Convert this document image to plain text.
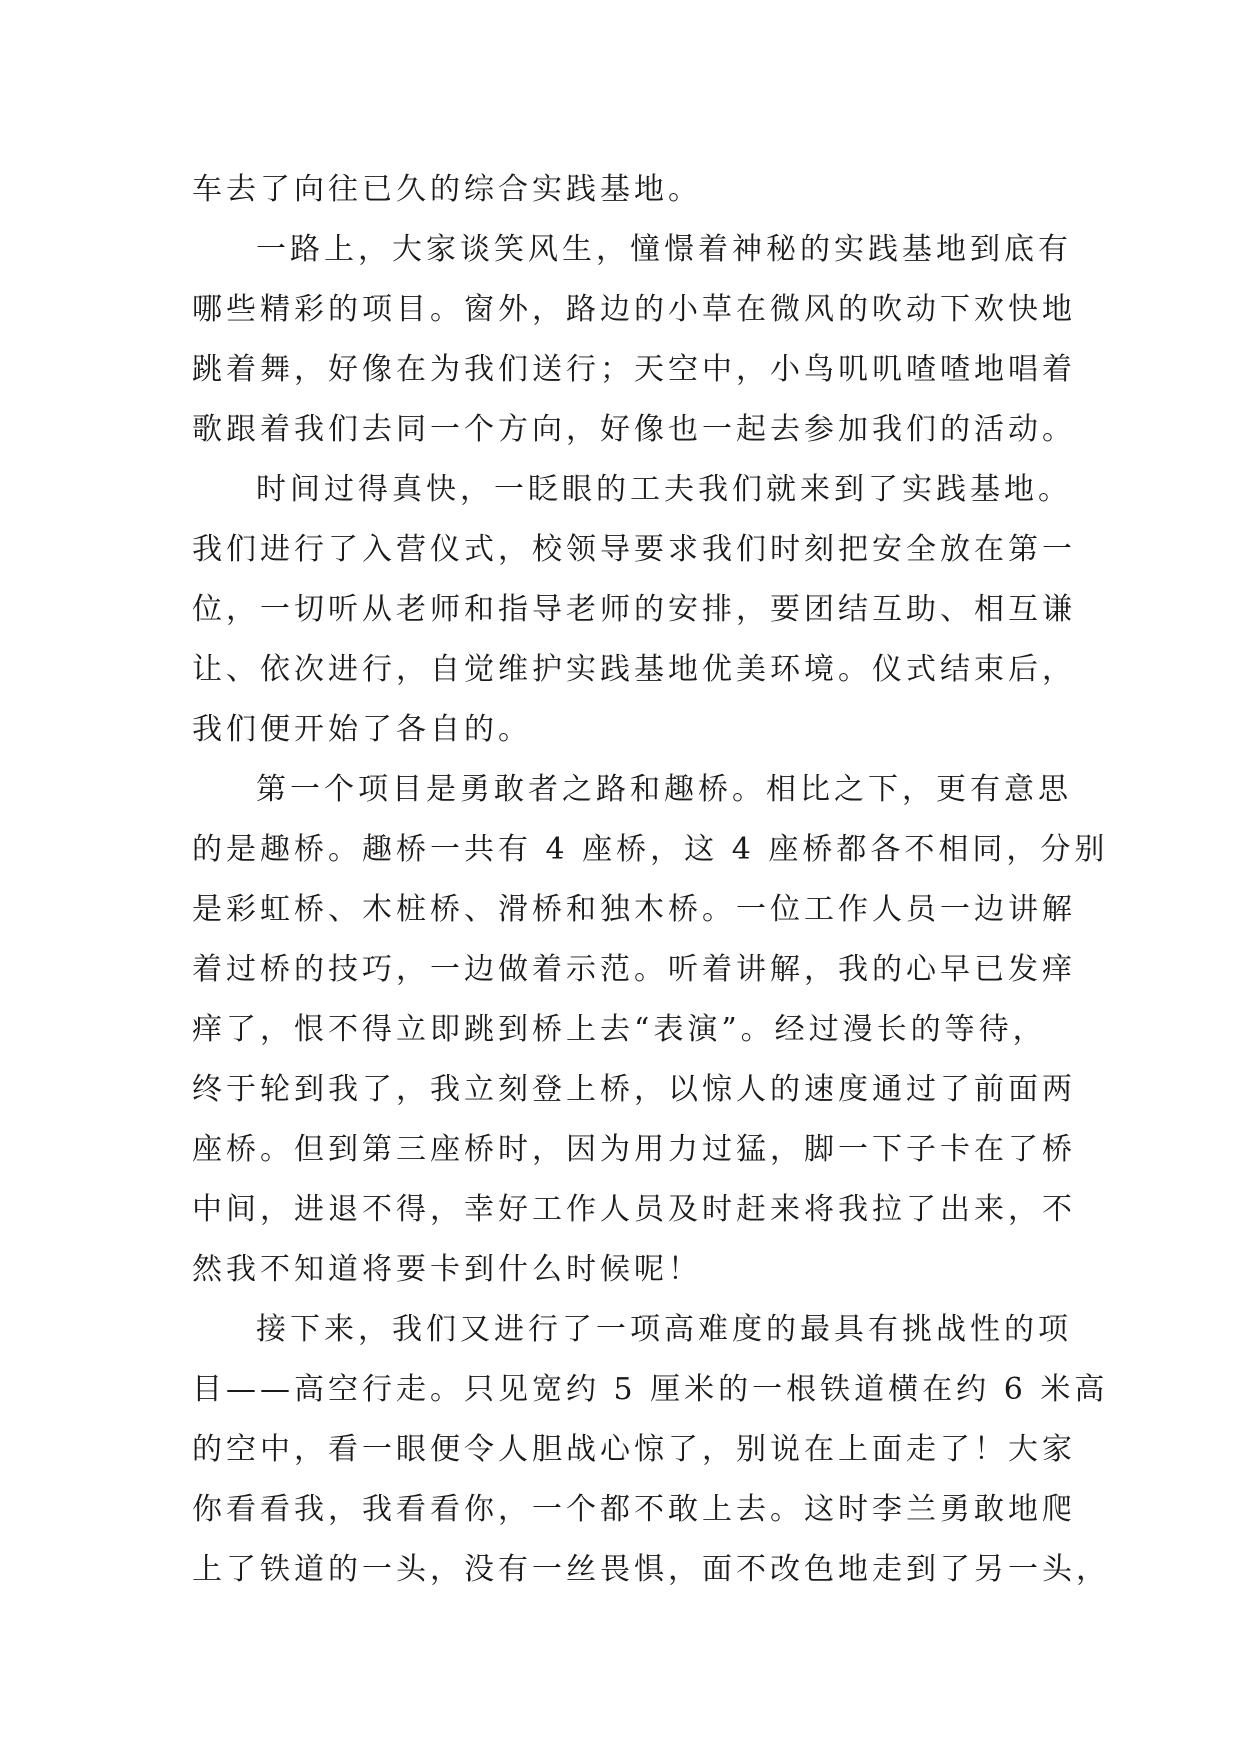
车去了向往已久的综合实践基地。
一路上，大家谈笑风生，憧憬着神秘的实践基地到底有
哪些精彩的项目。窗外，路边的小草在微风的吹动下欢快地
跳着舞，好像在为我们送行；天空中，小鸟叽叽喳喳地唱着
歌跟着我们去同一个方向，好像也一起去参加我们的活动。
时间过得真快，一眨眼的工夫我们就来到了实践基地。
我们进行了入营仪式，校领导要求我们时刻把安全放在第一
位，一切听从老师和指导老师的安排，要团结互助、相互谦
让、依次进行，自觉维护实践基地优美环境。仪式结束后，
我们便开始了各自的。
第一个项目是勇敢者之路和趣桥。相比之下，更有意思
的是趣桥。趣桥一共有 4 座桥，这 4 座桥都各不相同，分别
是彩虹桥、木桩桥、滑桥和独木桥。一位工作人员一边讲解
着过桥的技巧，一边做着示范。听着讲解，我的心早已发痒
痒了，恨不得立即跳到桥上去“表演”。经过漫长的等待，
终于轮到我了，我立刻登上桥，以惊人的速度通过了前面两
座桥。但到第三座桥时，因为用力过猛，脚一下子卡在了桥
中间，进退不得，幸好工作人员及时赶来将我拉了出来，不
然我不知道将要卡到什么时候呢！
接下来，我们又进行了一项高难度的最具有挑战性的项
目——高空行走。只见宽约 5 厘米的一根铁道横在约 6 米高
的空中，看一眼便令人胆战心惊了，别说在上面走了！大家
你看看我，我看看你，一个都不敢上去。这时李兰勇敢地爬
上了铁道的一头，没有一丝畏惧，面不改色地走到了另一头，
